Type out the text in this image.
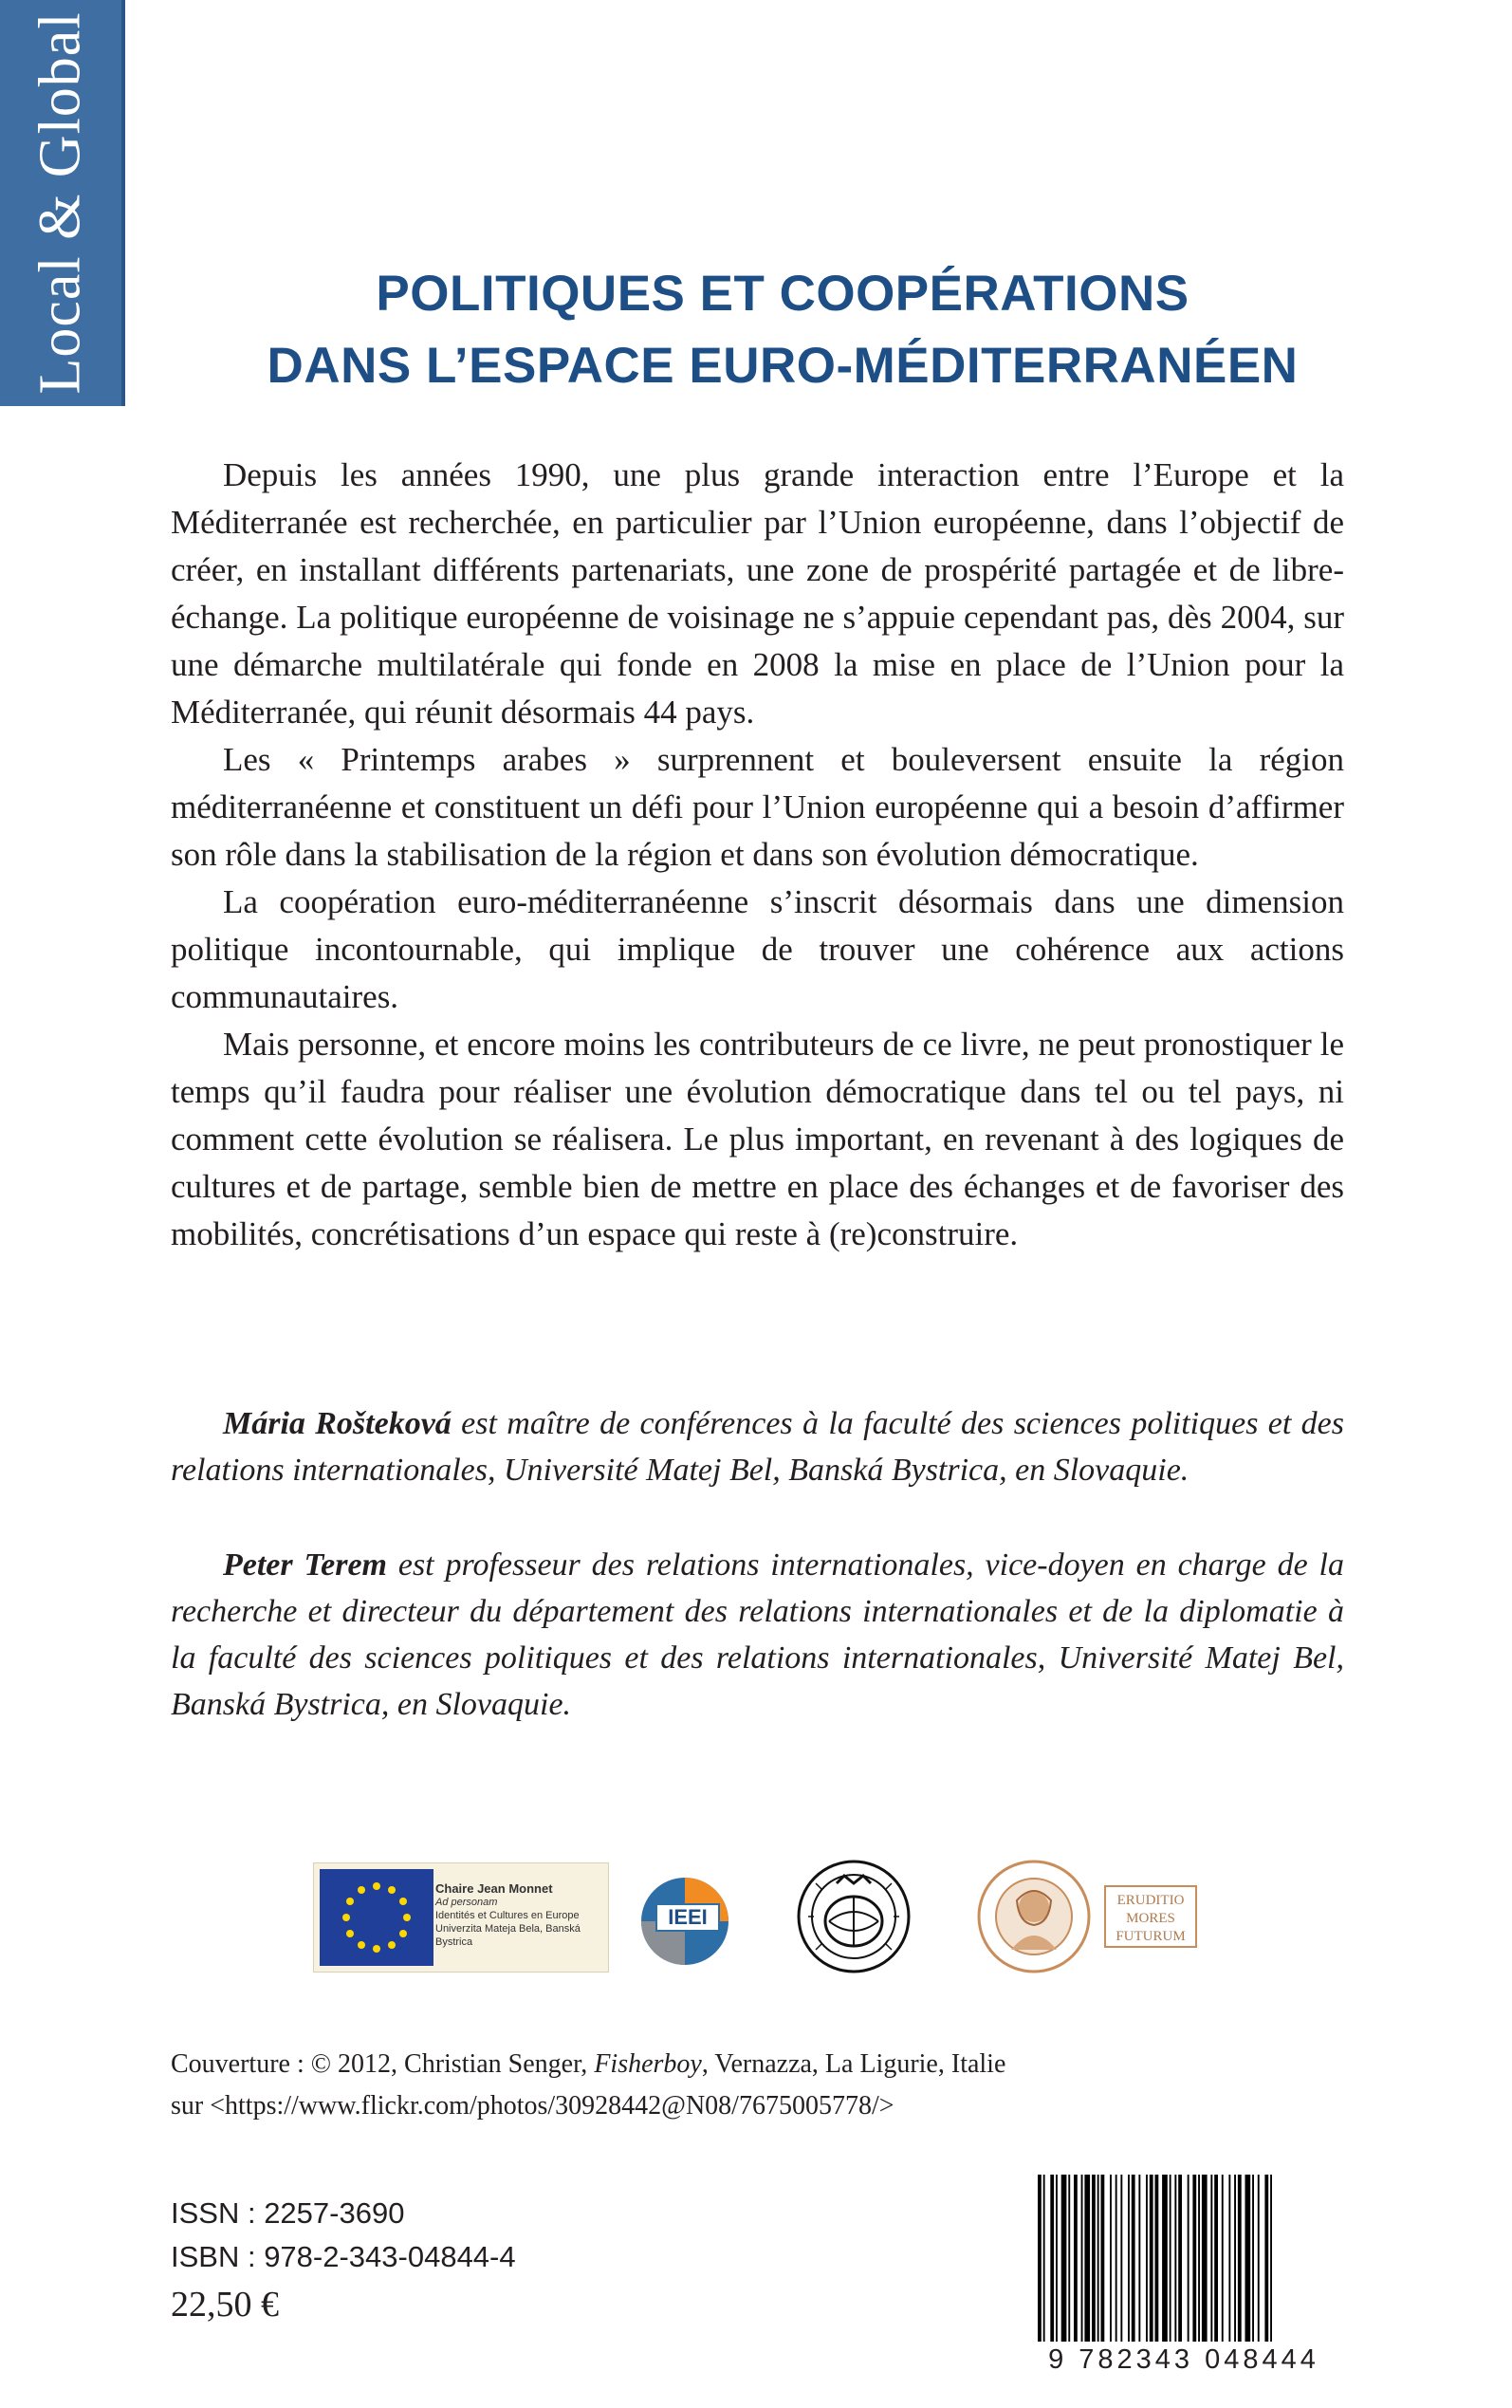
Local & Global	POLITIQUES ET COOPÉRATIONS
DANS L’ESPACE EURO-MÉDITERRANÉEN

Depuis les années 1990, une plus grande interaction entre l’Europe et la Méditerranée est recherchée, en particulier par l’Union européenne, dans l’objectif de créer, en installant différents partenariats, une zone de prospérité partagée et de libre-échange. La politique européenne de voisinage ne s’appuie cependant pas, dès 2004, sur une démarche multilatérale qui fonde en 2008 la mise en place de l’Union pour la Méditerranée, qui réunit désormais 44 pays.

Les « Printemps arabes » surprennent et bouleversent ensuite la région méditerranéenne et constituent un défi pour l’Union européenne qui a besoin d’affirmer son rôle dans la stabilisation de la région et dans son évolution démocratique.

La coopération euro-méditerranéenne s’inscrit désormais dans une dimension politique incontournable, qui implique de trouver une cohérence aux actions communautaires.

Mais personne, et encore moins les contributeurs de ce livre, ne peut pronostiquer le temps qu’il faudra pour réaliser une évolution démocratique dans tel ou tel pays, ni comment cette évolution se réalisera. Le plus important, en revenant à des logiques de cultures et de partage, semble bien de mettre en place des échanges et de favoriser des mobilités, concrétisations d’un espace qui reste à (re)construire.

Mária Rošteková est maître de conférences à la faculté des sciences politiques et des relations internationales, Université Matej Bel, Banská Bystrica, en Slovaquie.

Peter Terem est professeur des relations internationales, vice-doyen en charge de la recherche et directeur du département des relations internationales et de la diplomatie à la faculté des sciences politiques et des relations internationales, Université Matej Bel, Banská Bystrica, en Slovaquie.

Chaire Jean Monnet
Ad personam
Identités et Cultures en Europe
Univerzita Mateja Bela, Banská Bystrica
IEEI
ERUDITIO
MORES
FUTURUM
Couverture : © 2012, Christian Senger, Fisherboy, Vernazza, La Ligurie, Italie
sur <https://www.flickr.com/photos/30928442@N08/7675005778/>
ISSN : 2257-3690
ISBN : 978-2-343-04844-4
22,50 €
9 782343 048444
